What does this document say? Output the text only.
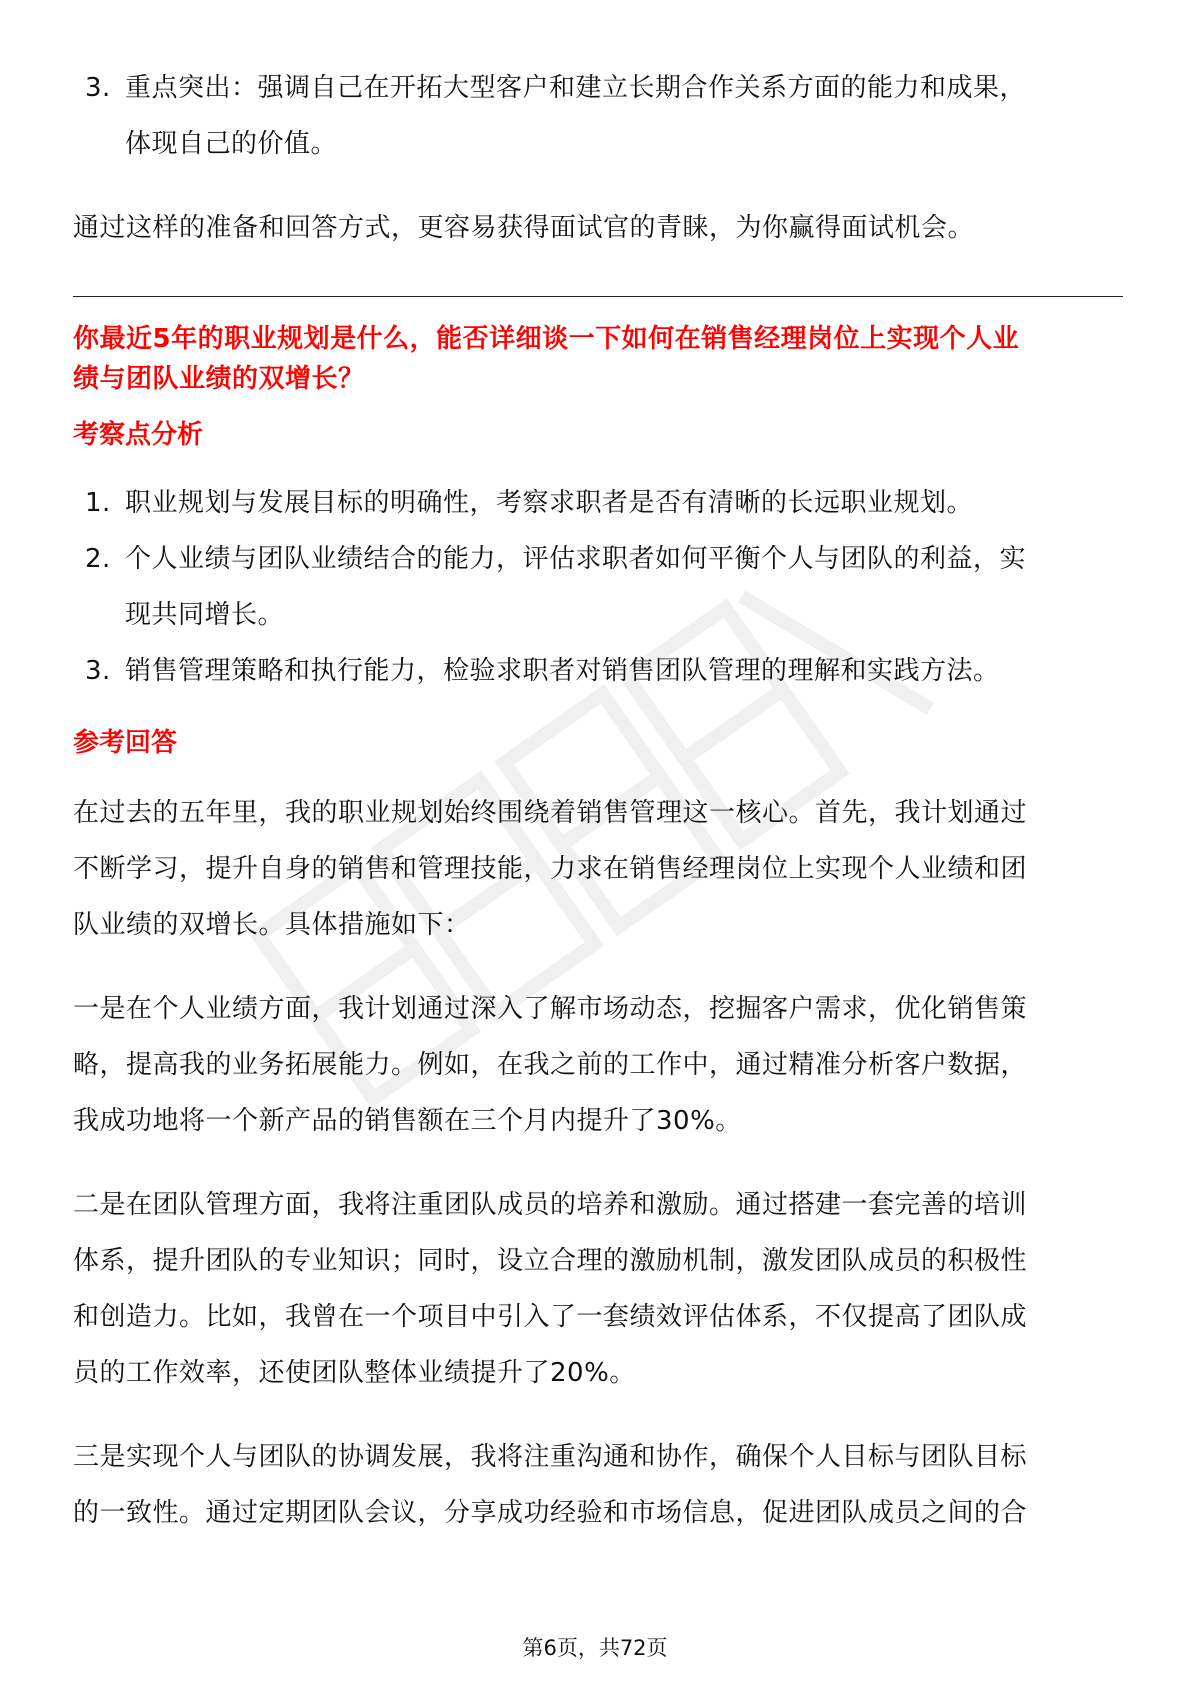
3. 重点突出：强调自己在开拓大型客户和建立长期合作关系方面的能力和成果，
体现自己的价值。

通过这样的准备和回答方式，更容易获得面试官的青睐，为你赢得面试机会。

你最近5年的职业规划是什么，能否详细谈一下如何在销售经理岗位上实现个人业

绩与团队业绩的双增长？

考察点分析

1. 职业规划与发展目标的明确性，考察求职者是否有清晰的长远职业规划。
2. 个人业绩与团队业绩结合的能力，评估求职者如何平衡个人与团队的利益，实
现共同增长。
3. 销售管理策略和执行能力，检验求职者对销售团队管理的理解和实践方法。

参考回答

在过去的五年里，我的职业规划始终围绕着销售管理这一核心。首先，我计划通过
不断学习，提升自身的销售和管理技能，力求在销售经理岗位上实现个人业绩和团
队业绩的双增长。具体措施如下：
一是在个人业绩方面，我计划通过深入了解市场动态，挖掘客户需求，优化销售策
略，提高我的业务拓展能力。例如，在我之前的工作中，通过精准分析客户数据，
我成功地将一个新产品的销售额在三个月内提升了30%。
二是在团队管理方面，我将注重团队成员的培养和激励。通过搭建一套完善的培训
体系，提升团队的专业知识；同时，设立合理的激励机制，激发团队成员的积极性
和创造力。比如，我曾在一个项目中引入了一套绩效评估体系，不仅提高了团队成
员的工作效率，还使团队整体业绩提升了20%。
三是实现个人与团队的协调发展，我将注重沟通和协作，确保个人目标与团队目标
的一致性。通过定期团队会议，分享成功经验和市场信息，促进团队成员之间的合
第6页，共72页
